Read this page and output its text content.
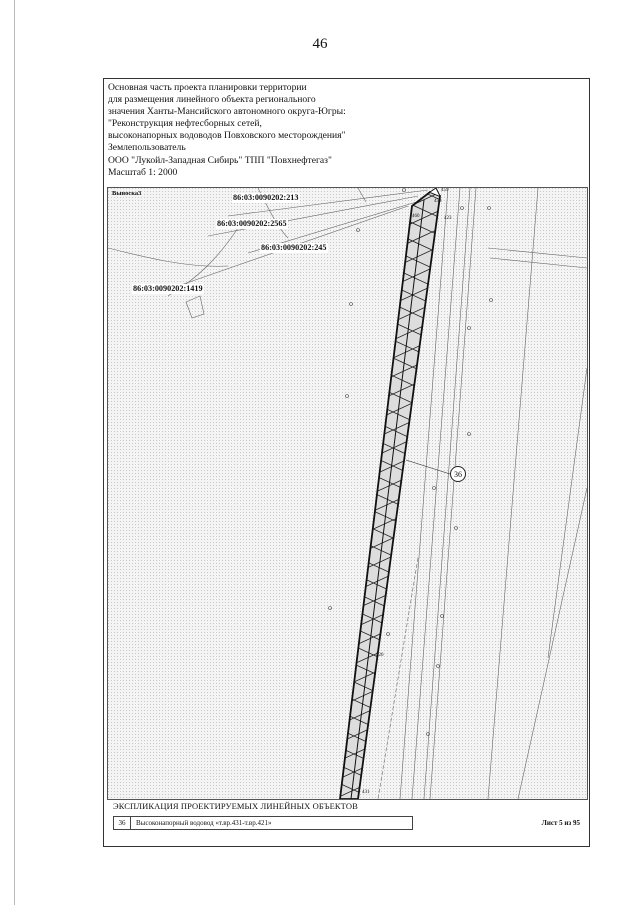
46
Основная часть проекта планировки территории
для размещения линейного объекта регионального
значения Ханты-Мансийского автономного округа-Югры:
"Реконструкция нефтесборных сетей,
высоконапорных водоводов Повховского месторождения"
Землепользователь
ООО "Лукойл-Западная Сибирь" ТПП "Повхнефтегаз"
Масштаб 1: 2000
Выноска3	86:03:0090202:213
86:03:0090202:2565
86:03:0090202:245
86:03:0090202:1419
459
458
423
460
320
431
36
ЭКСПЛИКАЦИЯ ПРОЕКТИРУЕМЫХ ЛИНЕЙНЫХ ОБЪЕКТОВ
36	Высоконапорный водовод «т.вр.431-т.вр.421»	Лист 5 из 95
